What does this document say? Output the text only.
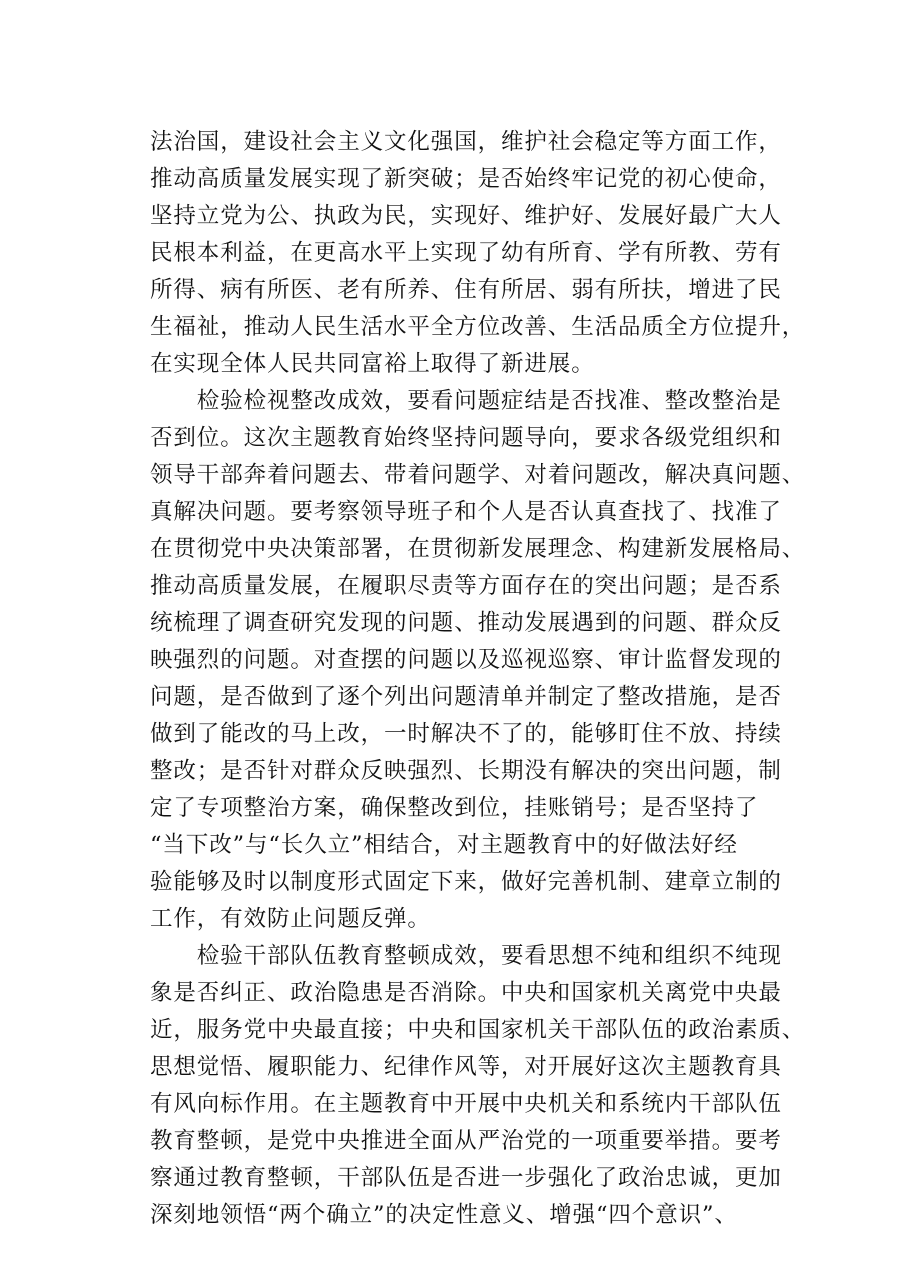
法治国，建设社会主义文化强国，维护社会稳定等方面工作，
推动高质量发展实现了新突破；是否始终牢记党的初心使命，
坚持立党为公、执政为民，实现好、维护好、发展好最广大人
民根本利益，在更高水平上实现了幼有所育、学有所教、劳有
所得、病有所医、老有所养、住有所居、弱有所扶，增进了民
生福祉，推动人民生活水平全方位改善、生活品质全方位提升，
在实现全体人民共同富裕上取得了新进展。
　　检验检视整改成效，要看问题症结是否找准、整改整治是
否到位。这次主题教育始终坚持问题导向，要求各级党组织和
领导干部奔着问题去、带着问题学、对着问题改，解决真问题、
真解决问题。要考察领导班子和个人是否认真查找了、找准了
在贯彻党中央决策部署，在贯彻新发展理念、构建新发展格局、
推动高质量发展，在履职尽责等方面存在的突出问题；是否系
统梳理了调查研究发现的问题、推动发展遇到的问题、群众反
映强烈的问题。对查摆的问题以及巡视巡察、审计监督发现的
问题，是否做到了逐个列出问题清单并制定了整改措施，是否
做到了能改的马上改，一时解决不了的，能够盯住不放、持续
整改；是否针对群众反映强烈、长期没有解决的突出问题，制
定了专项整治方案，确保整改到位，挂账销号；是否坚持了
“当下改”与“长久立”相结合，对主题教育中的好做法好经
验能够及时以制度形式固定下来，做好完善机制、建章立制的
工作，有效防止问题反弹。
　　检验干部队伍教育整顿成效，要看思想不纯和组织不纯现
象是否纠正、政治隐患是否消除。中央和国家机关离党中央最
近，服务党中央最直接；中央和国家机关干部队伍的政治素质、
思想觉悟、履职能力、纪律作风等，对开展好这次主题教育具
有风向标作用。在主题教育中开展中央机关和系统内干部队伍
教育整顿，是党中央推进全面从严治党的一项重要举措。要考
察通过教育整顿，干部队伍是否进一步强化了政治忠诚，更加
深刻地领悟“两个确立”的决定性意义、增强“四个意识”、
